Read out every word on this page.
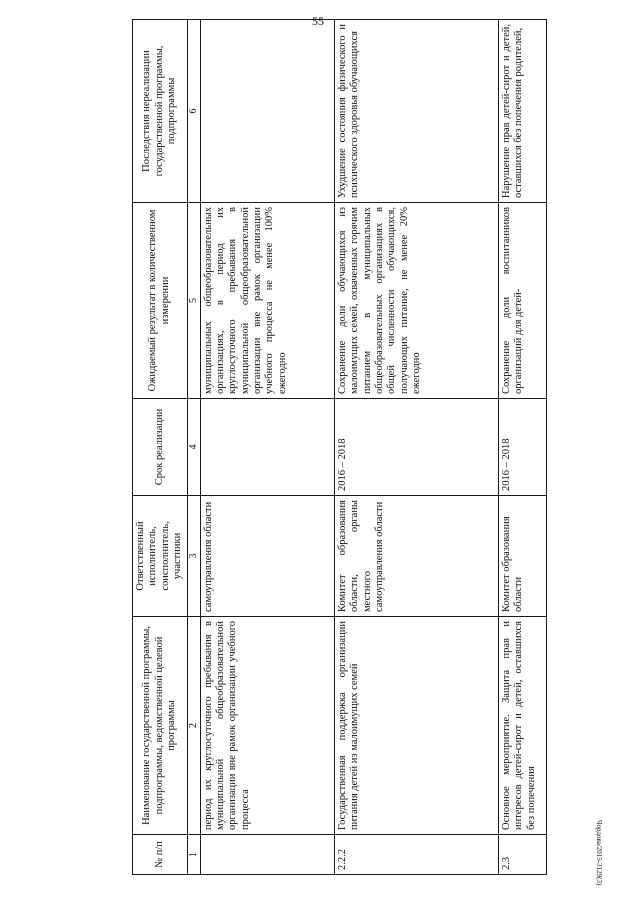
55
Чордова/2015-3129(3)
№ п/п	Наименование государственной программы, подпрограммы, ведомственной целевой программы	Ответственный исполнитель, соисполнитель, участники	Срок реализации	Ожидаемый результат в количественном измерении	Последствия нереализации государственной программы, подпрограммы
1	2	3	4	5	6
	период их круглосуточного пребывания в муниципальной общеобразовательной организации вне рамок организации учебного процесса	самоуправления области		муниципальных общеобразовательных организациях, в период их круглосуточного пребывания в муниципальной общеобразовательной организации вне рамок организации учебного процесса не менее 100% ежегодно	
2.2.2	Государственная поддержка организации питания детей из малоимущих семей	Комитет образования области, органы местного самоуправления области	2016 – 2018	Сохранение доли обучающихся из малоимущих семей, охваченных горячим питанием в муниципальных общеобразовательных организациях в общей численности обучающихся, получающих питание, не менее 20% ежегодно	Ухудшение состояния физического и психического здоровья обучающихся
2.3	Основное мероприятие. Защита прав и интересов детей-сирот и детей, оставшихся без попечения	Комитет образования области	2016 – 2018	Сохранение доли воспитанников организаций для детей-	Нарушение прав детей-сирот и детей, оставшихся без попечения родителей,
